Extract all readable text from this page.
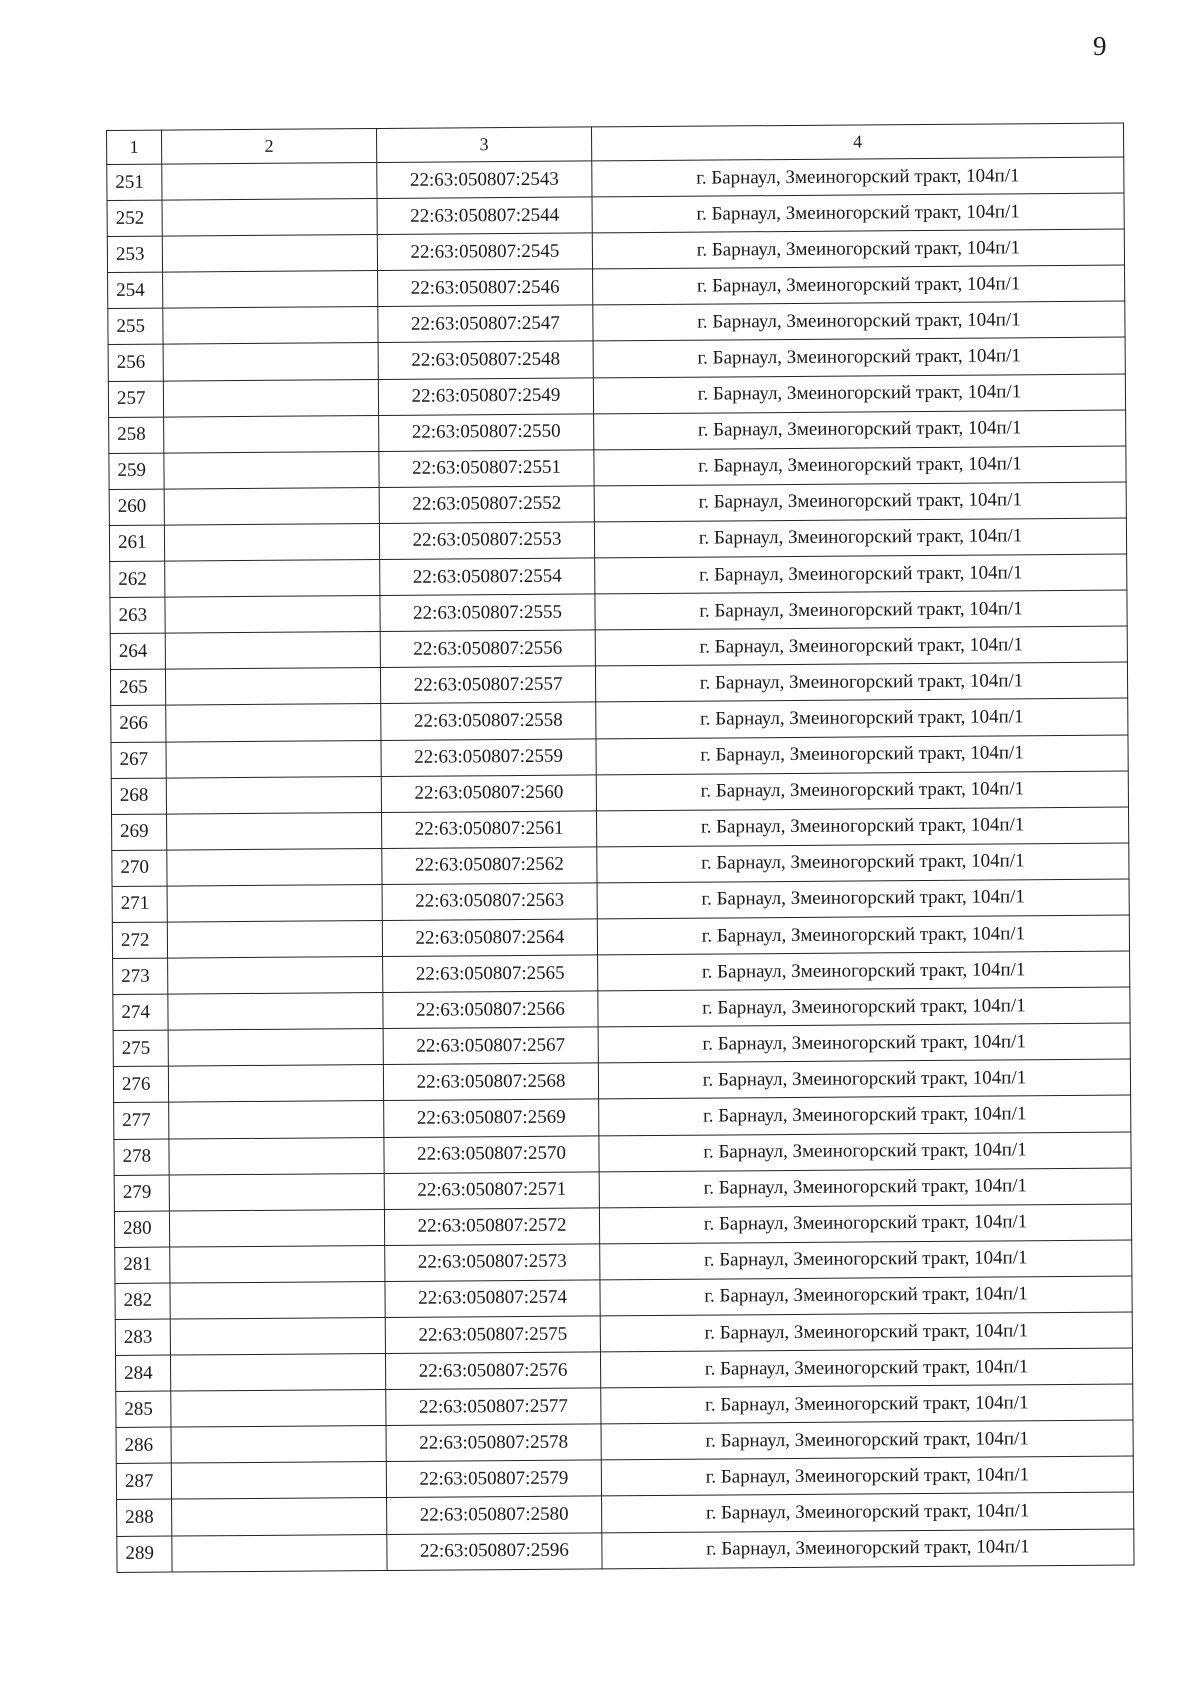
9
1	2	3	4
251		22:63:050807:2543	г. Барнаул, Змеиногорский тракт, 104п/1
252		22:63:050807:2544	г. Барнаул, Змеиногорский тракт, 104п/1
253		22:63:050807:2545	г. Барнаул, Змеиногорский тракт, 104п/1
254		22:63:050807:2546	г. Барнаул, Змеиногорский тракт, 104п/1
255		22:63:050807:2547	г. Барнаул, Змеиногорский тракт, 104п/1
256		22:63:050807:2548	г. Барнаул, Змеиногорский тракт, 104п/1
257		22:63:050807:2549	г. Барнаул, Змеиногорский тракт, 104п/1
258		22:63:050807:2550	г. Барнаул, Змеиногорский тракт, 104п/1
259		22:63:050807:2551	г. Барнаул, Змеиногорский тракт, 104п/1
260		22:63:050807:2552	г. Барнаул, Змеиногорский тракт, 104п/1
261		22:63:050807:2553	г. Барнаул, Змеиногорский тракт, 104п/1
262		22:63:050807:2554	г. Барнаул, Змеиногорский тракт, 104п/1
263		22:63:050807:2555	г. Барнаул, Змеиногорский тракт, 104п/1
264		22:63:050807:2556	г. Барнаул, Змеиногорский тракт, 104п/1
265		22:63:050807:2557	г. Барнаул, Змеиногорский тракт, 104п/1
266		22:63:050807:2558	г. Барнаул, Змеиногорский тракт, 104п/1
267		22:63:050807:2559	г. Барнаул, Змеиногорский тракт, 104п/1
268		22:63:050807:2560	г. Барнаул, Змеиногорский тракт, 104п/1
269		22:63:050807:2561	г. Барнаул, Змеиногорский тракт, 104п/1
270		22:63:050807:2562	г. Барнаул, Змеиногорский тракт, 104п/1
271		22:63:050807:2563	г. Барнаул, Змеиногорский тракт, 104п/1
272		22:63:050807:2564	г. Барнаул, Змеиногорский тракт, 104п/1
273		22:63:050807:2565	г. Барнаул, Змеиногорский тракт, 104п/1
274		22:63:050807:2566	г. Барнаул, Змеиногорский тракт, 104п/1
275		22:63:050807:2567	г. Барнаул, Змеиногорский тракт, 104п/1
276		22:63:050807:2568	г. Барнаул, Змеиногорский тракт, 104п/1
277		22:63:050807:2569	г. Барнаул, Змеиногорский тракт, 104п/1
278		22:63:050807:2570	г. Барнаул, Змеиногорский тракт, 104п/1
279		22:63:050807:2571	г. Барнаул, Змеиногорский тракт, 104п/1
280		22:63:050807:2572	г. Барнаул, Змеиногорский тракт, 104п/1
281		22:63:050807:2573	г. Барнаул, Змеиногорский тракт, 104п/1
282		22:63:050807:2574	г. Барнаул, Змеиногорский тракт, 104п/1
283		22:63:050807:2575	г. Барнаул, Змеиногорский тракт, 104п/1
284		22:63:050807:2576	г. Барнаул, Змеиногорский тракт, 104п/1
285		22:63:050807:2577	г. Барнаул, Змеиногорский тракт, 104п/1
286		22:63:050807:2578	г. Барнаул, Змеиногорский тракт, 104п/1
287		22:63:050807:2579	г. Барнаул, Змеиногорский тракт, 104п/1
288		22:63:050807:2580	г. Барнаул, Змеиногорский тракт, 104п/1
289		22:63:050807:2596	г. Барнаул, Змеиногорский тракт, 104п/1
